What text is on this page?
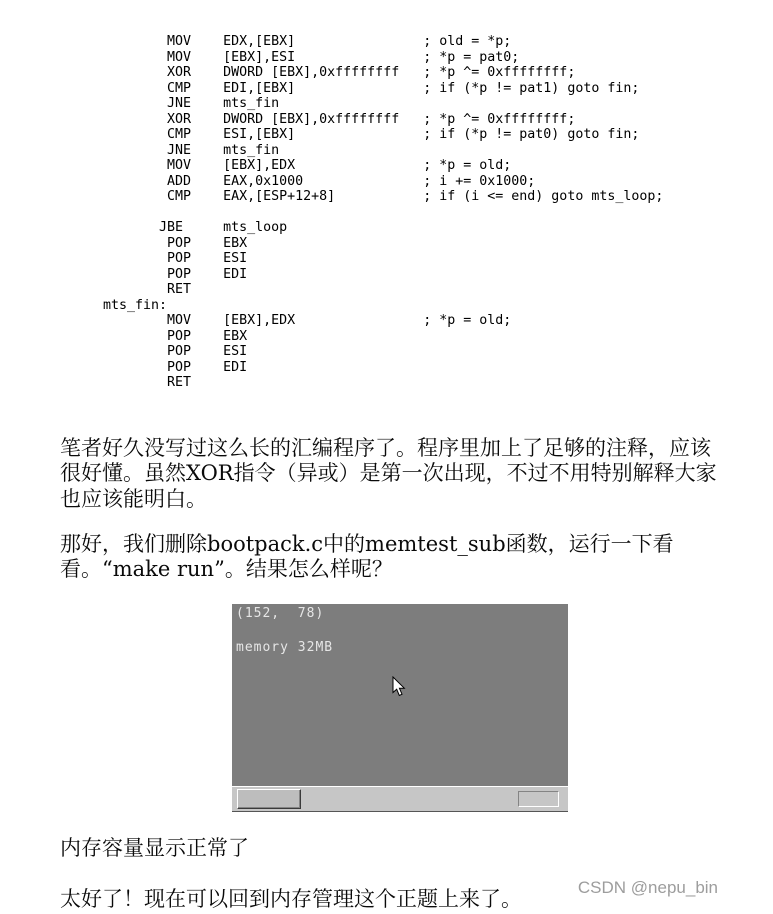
MOV    EDX,[EBX]                ; old = *p;
MOV    [EBX],ESI                ; *p = pat0;
XOR    DWORD [EBX],0xffffffff   ; *p ^= 0xffffffff;
CMP    EDI,[EBX]                ; if (*p != pat1) goto fin;
JNE    mts_fin
XOR    DWORD [EBX],0xffffffff   ; *p ^= 0xffffffff;
CMP    ESI,[EBX]                ; if (*p != pat0) goto fin;
JNE    mts_fin
MOV    [EBX],EDX                ; *p = old;
ADD    EAX,0x1000               ; i += 0x1000;
CMP    EAX,[ESP+12+8]           ; if (i <= end) goto mts_loop;
JBE     mts_loop
POP    EBX
POP    ESI
POP    EDI
RET
mts_fin:
MOV    [EBX],EDX                ; *p = old;
POP    EBX
POP    ESI
POP    EDI
RET
笔者好久没写过这么长的汇编程序了。程序里加上了足够的注释，应该
很好懂。虽然XOR指令（异或）是第一次出现，不过不用特别解释大家
也应该能明白。
那好，我们删除bootpack.c中的memtest_sub函数，运行一下看
看。“make run”。结果怎么样呢？
(152,  78)
memory 32MB
内存容量显示正常了
太好了！现在可以回到内存管理这个正题上来了。	CSDN @nepu_bin
